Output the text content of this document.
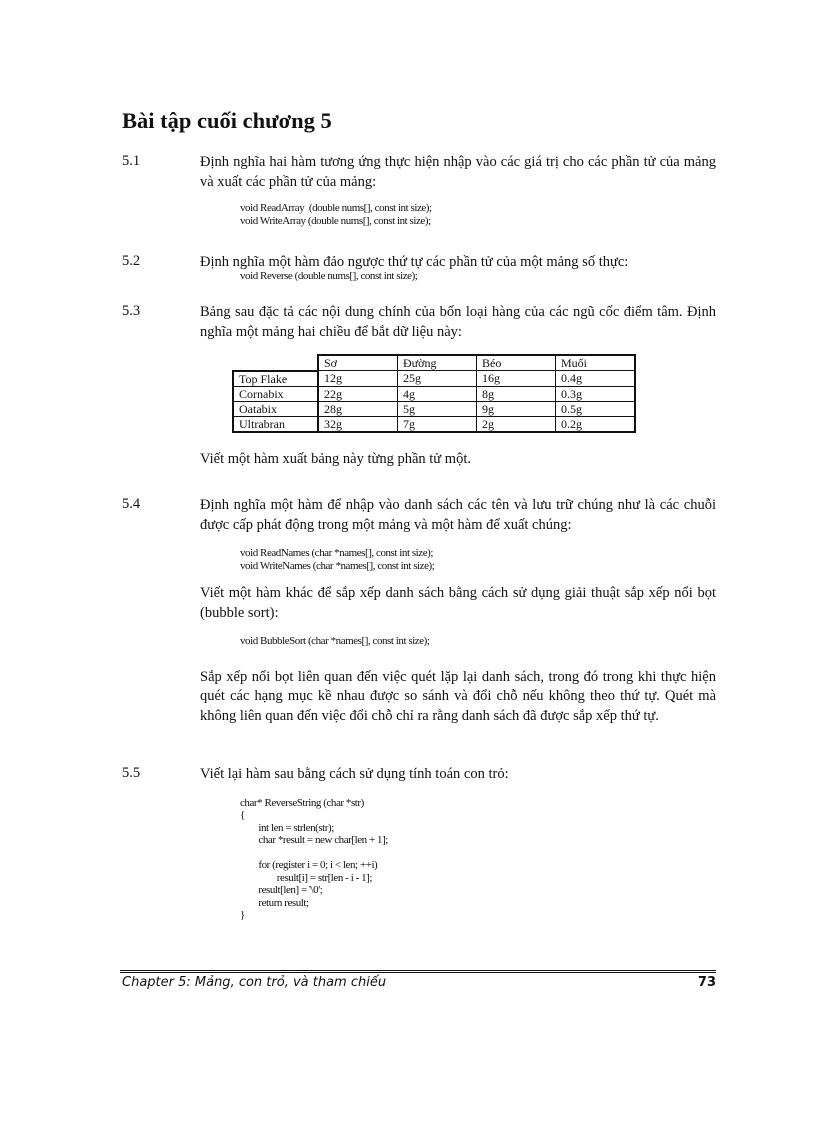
Bài tập cuối chương 5
5.1	Định nghĩa hai hàm tương ứng thực hiện nhập vào các giá trị cho các phần tử của mảng và xuất các phần tử của mảng:

void ReadArray  (double nums[], const int size);
void WriteArray (double nums[], const int size);
5.2	Định nghĩa một hàm đảo ngược thứ tự các phần tử của một mảng số thực:

void Reverse (double nums[], const int size);
5.3	Bảng sau đặc tả các nội dung chính của bốn loại hàng của các ngũ cốc điểm tâm. Định nghĩa một mảng hai chiều để bắt dữ liệu này:

	Sơ	Đường	Béo	Muối
Top Flake	12g	25g	16g	0.4g
Cornabix	22g	4g	8g	0.3g
Oatabix	28g	5g	9g	0.5g
Ultrabran	32g	7g	2g	0.2g

Viết một hàm xuất bảng này từng phần tử một.

5.4	Định nghĩa một hàm để nhập vào danh sách các tên và lưu trữ chúng như là các chuỗi được cấp phát động trong một mảng và một hàm để xuất chúng:

void ReadNames (char *names[], const int size);
void WriteNames (char *names[], const int size);

Viết một hàm khác để sắp xếp danh sách bằng cách sử dụng giải thuật sắp xếp nổi bọt (bubble sort):

void BubbleSort (char *names[], const int size);

Sắp xếp nổi bọt liên quan đến việc quét lặp lại danh sách, trong đó trong khi thực hiện quét các hạng mục kề nhau được so sánh và đổi chỗ nếu không theo thứ tự. Quét mà không liên quan đến việc đổi chỗ chỉ ra rằng danh sách đã được sắp xếp thứ tự.

5.5	Viết lại hàm sau bằng cách sử dụng tính toán con trỏ:

char* ReverseString (char *str)
{
int len = strlen(str);
char *result = new char[len + 1];

for (register i = 0; i < len; ++i)
result[i] = str[len - i - 1];
result[len] = '\0';
return result;
}
Chapter 5: Mảng, con trỏ, và tham chiếu	73
